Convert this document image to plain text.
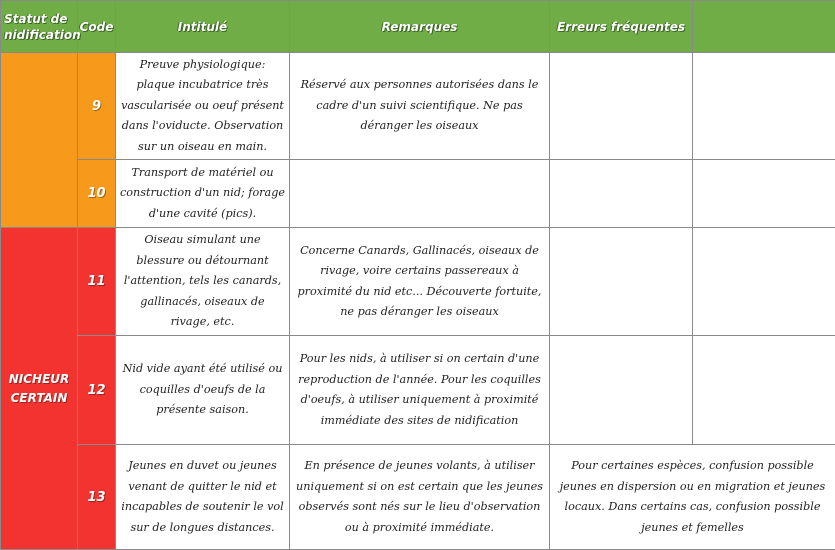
Statut de nidification	Code	Intitulé	Remarques	Erreurs fréquentes	
	9	Preuve physiologique: plaque incubatrice très vascularisée ou oeuf présent dans l'oviducte. Observation sur un oiseau en main.	Réservé aux personnes autorisées dans le cadre d'un suivi scientifique. Ne pas déranger les oiseaux		
	10	Transport de matériel ou construction d'un nid; forage d'une cavité (pics).			
NICHEUR CERTAIN	11	Oiseau simulant une blessure ou détournant l'attention, tels les canards, gallinacés, oiseaux de rivage, etc.	Concerne Canards, Gallinacés, oiseaux de rivage, voire certains passereaux à proximité du nid etc... Découverte fortuite, ne pas déranger les oiseaux		
	12	Nid vide ayant été utilisé ou coquilles d'oeufs de la présente saison.	Pour les nids, à utiliser si on certain d'une reproduction de l'année. Pour les coquilles d'oeufs, à utiliser uniquement à proximité immédiate des sites de nidification		
	13	Jeunes en duvet ou jeunes venant de quitter le nid et incapables de soutenir le vol sur de longues distances.	En présence de jeunes volants, à utiliser uniquement si on est certain que les jeunes observés sont nés sur le lieu d'observation ou à proximité immédiate.	Pour certaines espèces, confusion possible jeunes en dispersion ou en migration et jeunes locaux. Dans certains cas, confusion possible jeunes et femelles	
